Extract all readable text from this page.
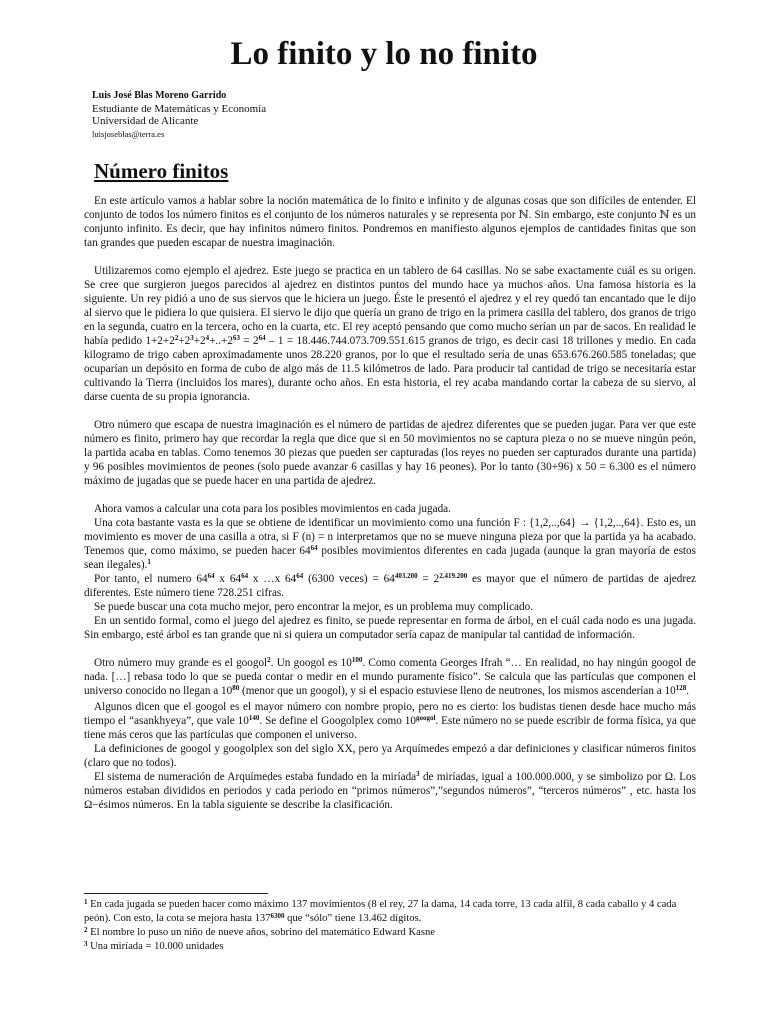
Lo finito y lo no finito
Luis José Blas Moreno Garrido
Estudiante de Matemáticas y Economía
Universidad de Alicante
luisjoseblas@terra.es
Número finitos

En este artículo vamos a hablar sobre la noción matemática de lo finito e infinito y de algunas cosas que son difíciles de entender. El conjunto de todos los número finitos es el conjunto de los números naturales y se representa por ℕ. Sin embargo, este conjunto ℕ es un conjunto infinito. Es decir, que hay infinitos número finitos. Pondremos en manifiesto algunos ejemplos de cantidades finitas que son tan grandes que pueden escapar de nuestra imaginación.

Utilizaremos como ejemplo el ajedrez. Este juego se practica en un tablero de 64 casillas. No se sabe exactamente cuál es su origen. Se cree que surgieron juegos parecidos al ajedrez en distintos puntos del mundo hace ya muchos años. Una famosa historia es la siguiente. Un rey pidió a uno de sus siervos que le hiciera un juego. Éste le presentó el ajedrez y el rey quedó tan encantado que le dijo al siervo que le pidiera lo que quisiera. El siervo le dijo que quería un grano de trigo en la primera casilla del tablero, dos granos de trigo en la segunda, cuatro en la tercera, ocho en la cuarta, etc. El rey aceptó pensando que como mucho serían un par de sacos. En realidad le había pedido $1+2+2^2+2^3+2^4+..+2^{63} = 2^{64} - 1 = 18.446.744.073.709.551.615$ granos de trigo, es decir casi 18 trillones y medio. En cada kilogramo de trigo caben aproximadamente unos 28.220 granos, por lo que el resultado sería de unas 653.676.260.585 toneladas; que ocuparían un depósito en forma de cubo de algo más de 11.5 kilómetros de lado. Para producir tal cantidad de trigo se necesitaría estar cultivando la Tierra (incluidos los mares), durante ocho años. En esta historia, el rey acaba mandando cortar la cabeza de su siervo, al darse cuenta de su propia ignorancia.

Otro número que escapa de nuestra imaginación es el número de partidas de ajedrez diferentes que se pueden jugar. Para ver que este número es finito, primero hay que recordar la regla que dice que si en 50 movimientos no se captura pieza o no se mueve ningún peón, la partida acaba en tablas. Como tenemos 30 piezas que pueden ser capturadas (los reyes no pueden ser capturados durante una partida) y 96 posibles movimientos de peones (solo puede avanzar 6 casillas y hay 16 peones). Por lo tanto (30+96) x 50 = 6.300 es el número máximo de jugadas que se puede hacer en una partida de ajedrez.

Ahora vamos a calcular una cota para los posibles movimientos en cada jugada.

Una cota bastante vasta es la que se obtiene de identificar un movimiento como una función F : {1,2,..,64} → {1,2,..,64}. Esto es, un movimiento es mover de una casilla a otra, si F (n) = n interpretamos que no se mueve ninguna pieza por que la partida ya ha acabado. Tenemos que, como máximo, se pueden hacer $64^{64}$ posibles movimientos diferentes en cada jugada (aunque la gran mayoría de estos sean ilegales).$^1$

Por tanto, el numero $64^{64}$ x $64^{64}$ x …x $64^{64}$ (6300 veces) = $64^{403.200} = 2^{2.419.200}$ es mayor que el número de partidas de ajedrez diferentes. Este número tiene 728.251 cifras.

Se puede buscar una cota mucho mejor, pero encontrar la mejor, es un problema muy complicado.

En un sentido formal, como el juego del ajedrez es finito, se puede representar en forma de árbol, en el cuál cada nodo es una jugada. Sin embargo, esté árbol es tan grande que ni si quiera un computador sería capaz de manipular tal cantidad de información.

Otro número muy grande es el googol$^2$. Un googol es $10^{100}$. Como comenta Georges Ifrah “… En realidad, no hay ningún googol de nada. […] rebasa todo lo que se pueda contar o medir en el mundo puramente físico”. Se calcula que las partículas que componen el universo conocido no llegan a $10^{80}$ (menor que un googol), y si el espacio estuviese lleno de neutrones, los mismos ascenderían a $10^{128}$.

Algunos dicen que el googol es el mayor número con nombre propio, pero no es cierto: los budistas tienen desde hace mucho más tiempo el “asankhyeya”, que vale $10^{140}$. Se define el Googolplex como $10^{googol}$. Este número no se puede escribir de forma física, ya que tiene más ceros que las partículas que componen el universo.

La definiciones de googol y googolplex son del siglo XX, pero ya Arquímedes empezó a dar definiciones y clasificar números finitos (claro que no todos).

El sistema de numeración de Arquímedes estaba fundado en la miríada$^3$ de miríadas, igual a 100.000.000, y se simbolizo por Ω. Los números estaban divididos en periodos y cada periodo en “primos números”,”segundos números”, “terceros números” , etc. hasta los Ω−ésimos números. En la tabla siguiente se describe la clasificación.

$^1$ En cada jugada se pueden hacer como máximo 137 movimientos (8 el rey, 27 la dama, 14 cada torre, 13 cada alfil, 8 cada caballo y 4 cada peón). Con esto, la cota se mejora hasta $137^{6300}$ que “sólo” tiene 13.462 dígitos.
$^2$ El nombre lo puso un niño de nueve años, sobrino del matemático Edward Kasne
$^3$ Una miríada = 10.000 unidades
